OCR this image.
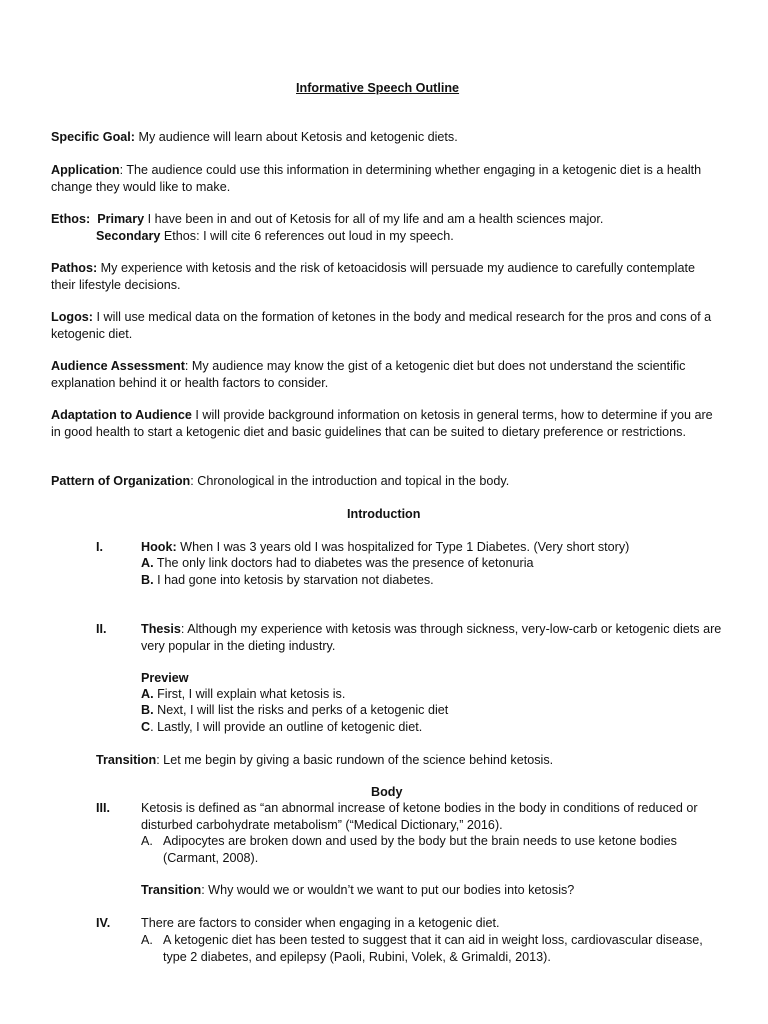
Informative Speech Outline
Specific Goal: My audience will learn about Ketosis and ketogenic diets.
Application: The audience could use this information in determining whether engaging in a ketogenic diet is a health change they would like to make.
Ethos: Primary I have been in and out of Ketosis for all of my life and am a health sciences major.
Secondary Ethos: I will cite 6 references out loud in my speech.
Pathos: My experience with ketosis and the risk of ketoacidosis will persuade my audience to carefully contemplate their lifestyle decisions.
Logos: I will use medical data on the formation of ketones in the body and medical research for the pros and cons of a ketogenic diet.
Audience Assessment: My audience may know the gist of a ketogenic diet but does not understand the scientific explanation behind it or health factors to consider.
Adaptation to Audience I will provide background information on ketosis in general terms, how to determine if you are in good health to start a ketogenic diet and basic guidelines that can be suited to dietary preference or restrictions.
Pattern of Organization: Chronological in the introduction and topical in the body.
Introduction
I.	Hook: When I was 3 years old I was hospitalized for Type 1 Diabetes. (Very short story)
A. The only link doctors had to diabetes was the presence of ketonuria
B. I had gone into ketosis by starvation not diabetes.
II.	Thesis: Although my experience with ketosis was through sickness, very-low-carb or ketogenic diets are very popular in the dieting industry.
Preview
A. First, I will explain what ketosis is.
B. Next, I will list the risks and perks of a ketogenic diet
C. Lastly, I will provide an outline of ketogenic diet.
Transition: Let me begin by giving a basic rundown of the science behind ketosis.
Body
III. Ketosis is defined as “an abnormal increase of ketone bodies in the body in conditions of reduced or disturbed carbohydrate metabolism” (“Medical Dictionary,” 2016).
A. Adipocytes are broken down and used by the body but the brain needs to use ketone bodies (Carmant, 2008).
Transition: Why would we or wouldn’t we want to put our bodies into ketosis?
IV. There are factors to consider when engaging in a ketogenic diet.
A. A ketogenic diet has been tested to suggest that it can aid in weight loss, cardiovascular disease, type 2 diabetes, and epilepsy (Paoli, Rubini, Volek, & Grimaldi, 2013).
